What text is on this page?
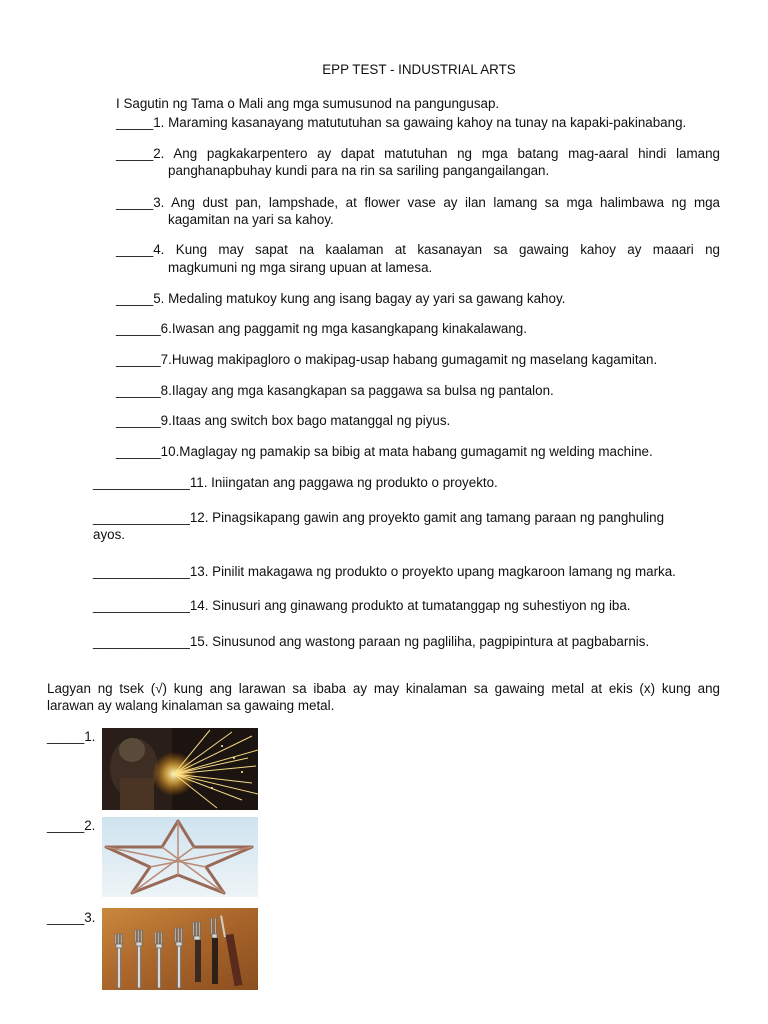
EPP TEST - INDUSTRIAL ARTS
I Sagutin ng Tama o Mali ang mga sumusunod na pangungusap.
_____1. Maraming kasanayang matututuhan sa gawaing kahoy na tunay na kapaki-pakinabang.
_____2. Ang pagkakarpentero ay dapat matutuhan ng mga batang mag-aaral hindi lamang
panghanapbuhay kundi para na rin sa sariling pangangailangan.
_____3. Ang dust pan, lampshade, at flower vase ay ilan lamang sa mga halimbawa ng mga
kagamitan na yari sa kahoy.
_____4. Kung may sapat na kaalaman at kasanayan sa gawaing kahoy ay maaari ng
magkumuni ng mga sirang upuan at lamesa.
_____5. Medaling matukoy kung ang isang bagay ay yari sa gawang kahoy.
______6.Iwasan ang paggamit ng mga kasangkapang kinakalawang.
______7.Huwag makipagloro o makipag-usap habang gumagamit ng maselang kagamitan.
______8.Ilagay ang mga kasangkapan sa paggawa sa bulsa ng pantalon.
______9.Itaas ang switch box bago matanggal ng piyus.
______10.Maglagay ng pamakip sa bibig at mata habang gumagamit ng welding machine.
_____________11. Iniingatan ang paggawa ng produkto o proyekto.
_____________12. Pinagsikapang gawin ang proyekto gamit ang tamang paraan ng panghuling
ayos.
_____________13. Pinilit makagawa ng produkto o proyekto upang magkaroon lamang ng marka.
_____________14. Sinusuri ang ginawang produkto at tumatanggap ng suhestiyon ng iba.
_____________15. Sinusunod ang wastong paraan ng pagliliha, pagpipintura at pagbabarnis.
Lagyan ng tsek (√) kung ang larawan sa ibaba ay may kinalaman sa gawaing metal at ekis (x) kung ang
larawan ay walang kinalaman sa gawaing metal.
_____1.
_____2.
_____3.
